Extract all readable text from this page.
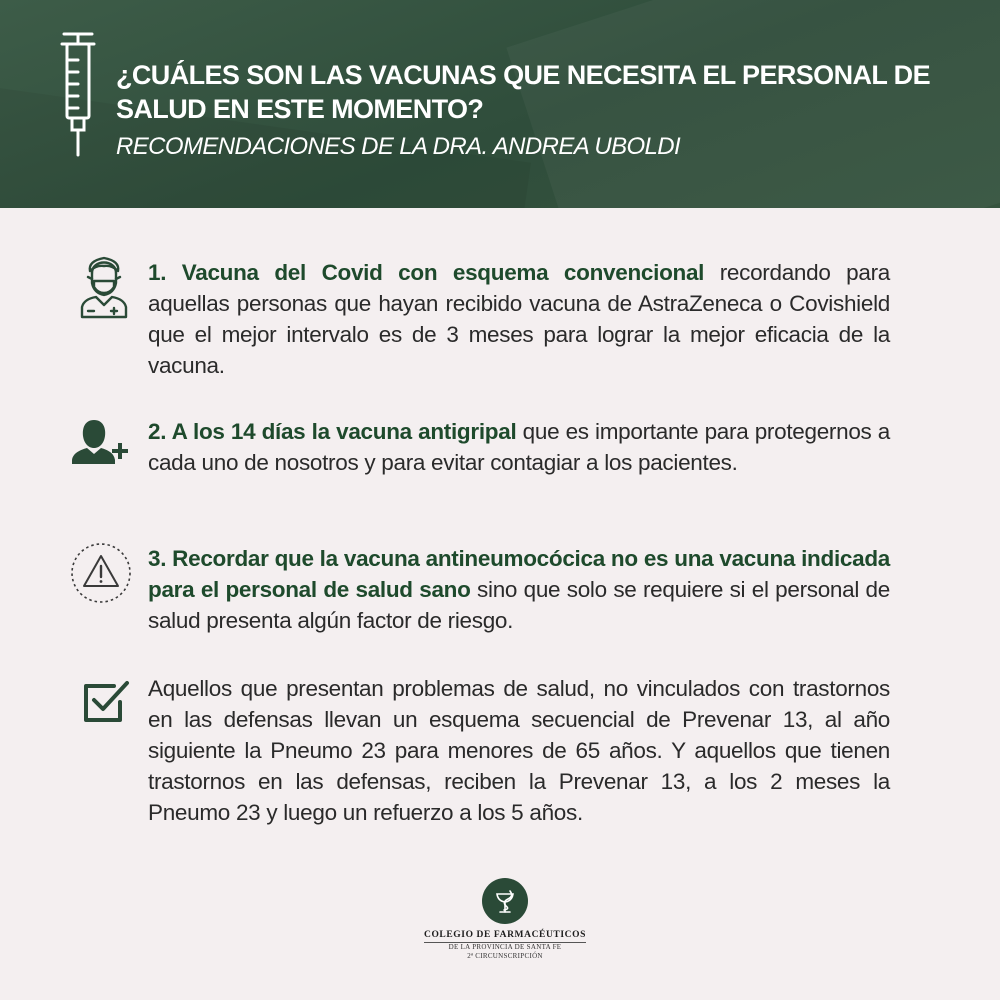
¿CUÁLES SON LAS VACUNAS QUE NECESITA EL PERSONAL DE SALUD EN ESTE MOMENTO?
RECOMENDACIONES DE LA DRA. ANDREA UBOLDI
1. Vacuna del Covid con esquema convencional recordando para aquellas personas que hayan recibido vacuna de AstraZeneca o Covishield que el mejor intervalo es de 3 meses para lograr la mejor eficacia de la vacuna.
2. A los 14 días la vacuna antigripal que es importante para protegernos a cada uno de nosotros y para evitar contagiar a los pacientes.
3. Recordar que la vacuna antineumocócica no es una vacuna indicada para el personal de salud sano sino que solo se requiere si el personal de salud presenta algún factor de riesgo.
Aquellos que presentan problemas de salud, no vinculados con trastornos en las defensas llevan un esquema secuencial de Prevenar 13, al año siguiente la Pneumo 23 para menores de 65 años. Y aquellos que tienen trastornos en las defensas, reciben la Prevenar 13, a los 2 meses la Pneumo 23 y luego un refuerzo a los 5 años.
COLEGIO DE FARMACÉUTICOS
DE LA PROVINCIA DE SANTA FE
2ª CIRCUNSCRIPCIÓN
